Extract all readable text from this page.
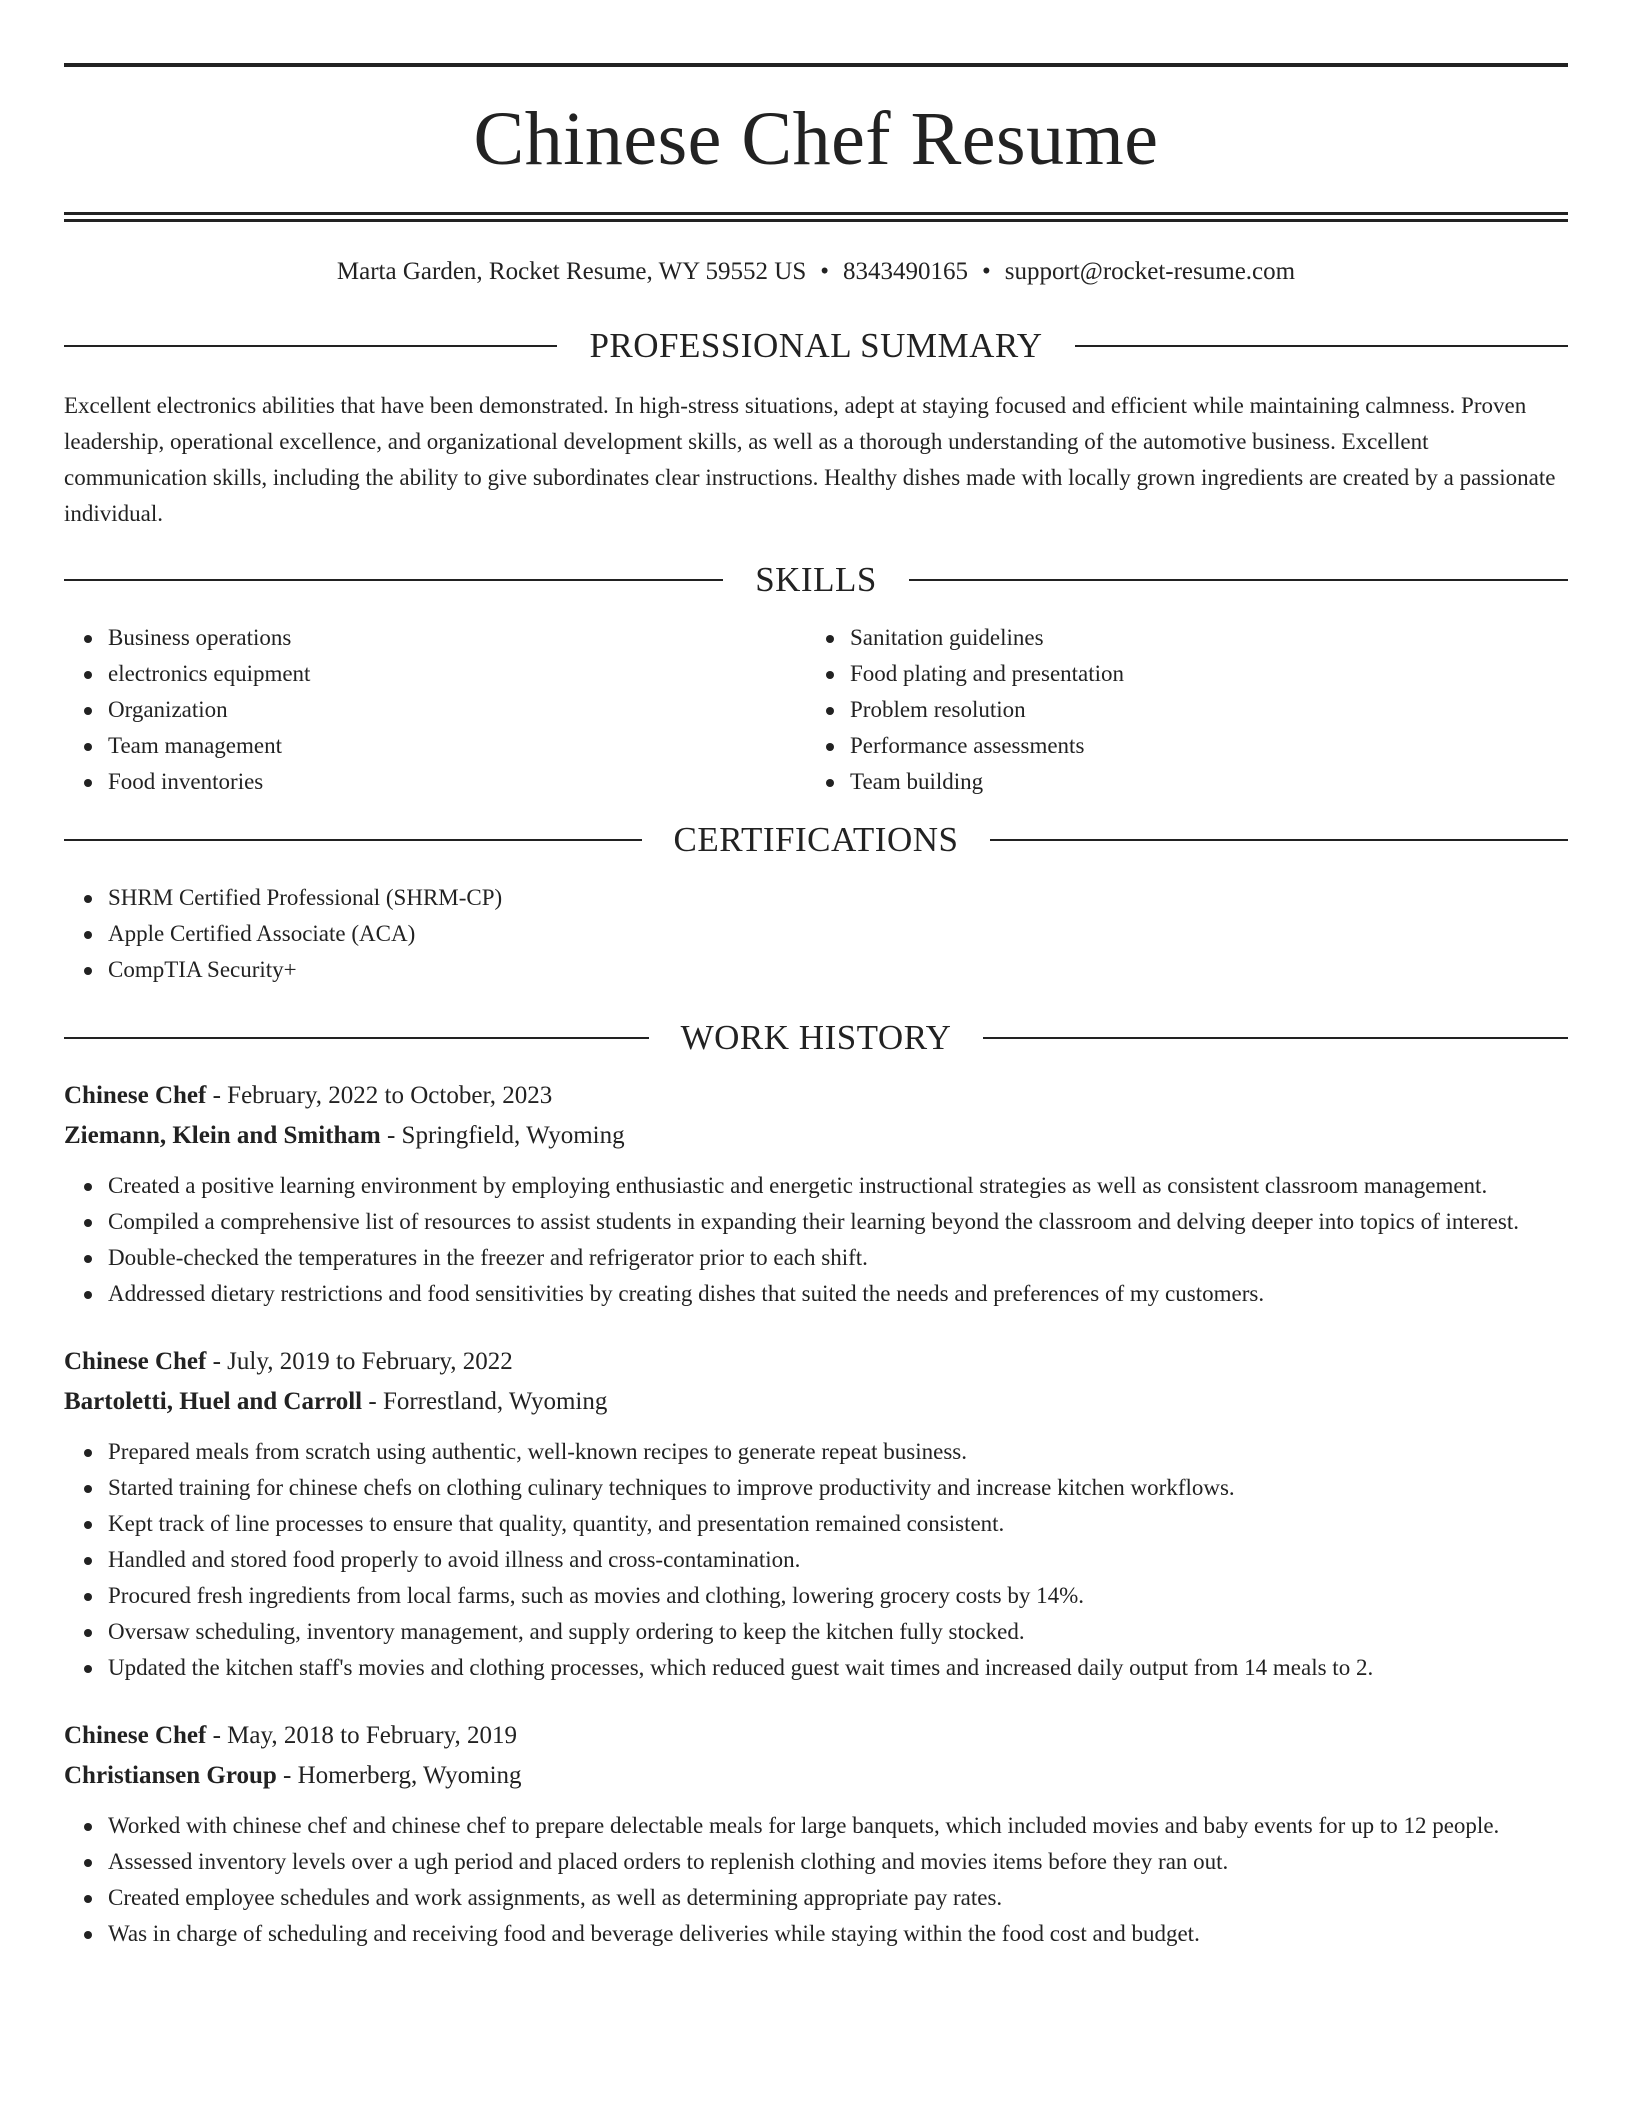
Chinese Chef Resume
Marta Garden, Rocket Resume, WY 59552 US • 8343490165 • support@rocket-resume.com
PROFESSIONAL SUMMARY

Excellent electronics abilities that have been demonstrated. In high-stress situations, adept at staying focused and efficient while maintaining calmness. Proven leadership, operational excellence, and organizational development skills, as well as a thorough understanding of the automotive business. Excellent communication skills, including the ability to give subordinates clear instructions. Healthy dishes made with locally grown ingredients are created by a passionate individual.

SKILLS
Business operations
electronics equipment
Organization
Team management
Food inventories
Sanitation guidelines
Food plating and presentation
Problem resolution
Performance assessments
Team building
CERTIFICATIONS
SHRM Certified Professional (SHRM-CP)
Apple Certified Associate (ACA)
CompTIA Security+
WORK HISTORY
Chinese Chef - February, 2022 to October, 2023
Ziemann, Klein and Smitham - Springfield, Wyoming
Created a positive learning environment by employing enthusiastic and energetic instructional strategies as well as consistent classroom management.
Compiled a comprehensive list of resources to assist students in expanding their learning beyond the classroom and delving deeper into topics of interest.
Double-checked the temperatures in the freezer and refrigerator prior to each shift.
Addressed dietary restrictions and food sensitivities by creating dishes that suited the needs and preferences of my customers.
Chinese Chef - July, 2019 to February, 2022
Bartoletti, Huel and Carroll - Forrestland, Wyoming
Prepared meals from scratch using authentic, well-known recipes to generate repeat business.
Started training for chinese chefs on clothing culinary techniques to improve productivity and increase kitchen workflows.
Kept track of line processes to ensure that quality, quantity, and presentation remained consistent.
Handled and stored food properly to avoid illness and cross-contamination.
Procured fresh ingredients from local farms, such as movies and clothing, lowering grocery costs by 14%.
Oversaw scheduling, inventory management, and supply ordering to keep the kitchen fully stocked.
Updated the kitchen staff's movies and clothing processes, which reduced guest wait times and increased daily output from 14 meals to 2.
Chinese Chef - May, 2018 to February, 2019
Christiansen Group - Homerberg, Wyoming
Worked with chinese chef and chinese chef to prepare delectable meals for large banquets, which included movies and baby events for up to 12 people.
Assessed inventory levels over a ugh period and placed orders to replenish clothing and movies items before they ran out.
Created employee schedules and work assignments, as well as determining appropriate pay rates.
Was in charge of scheduling and receiving food and beverage deliveries while staying within the food cost and budget.
